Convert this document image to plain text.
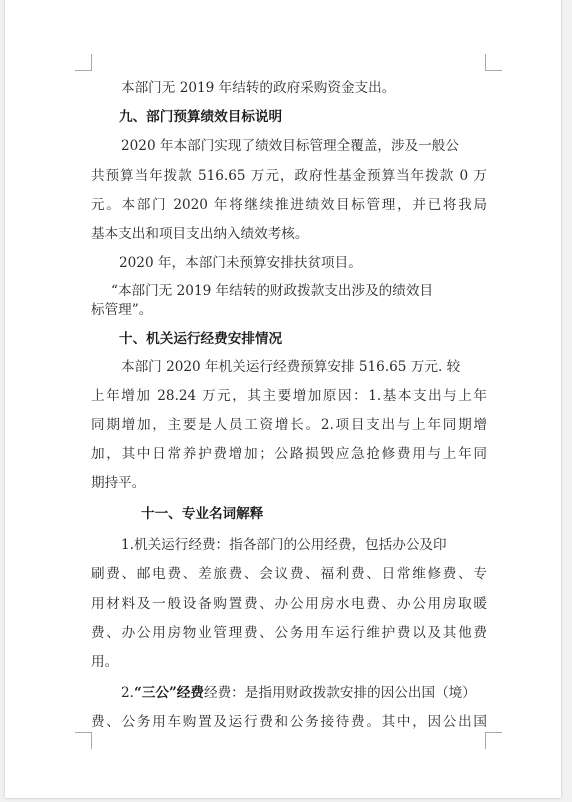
本部门无 2019 年结转的政府采购资金支出。
九、部门预算绩效目标说明
2020 年本部门实现了绩效目标管理全覆盖，涉及一般公
共预算当年拨款 516.65 万元，政府性基金预算当年拨款 0 万
元。本部门 2020 年将继续推进绩效目标管理，并已将我局
基本支出和项目支出纳入绩效考核。
2020 年，本部门未预算安排扶贫项目。
“本部门无 2019 年结转的财政拨款支出涉及的绩效目
标管理”。
十、机关运行经费安排情况
本部门 2020 年机关运行经费预算安排 516.65 万元. 较
上年增加 28.24 万元，其主要增加原因：1.基本支出与上年
同期增加，主要是人员工资增长。2.项目支出与上年同期增
加，其中日常养护费增加；公路损毁应急抢修费用与上年同
期持平。
十一、专业名词解释
1.机关运行经费：指各部门的公用经费，包括办公及印
刷费、邮电费、差旅费、会议费、福利费、日常维修费、专
用材料及一般设备购置费、办公用房水电费、办公用房取暖
费、办公用房物业管理费、公务用车运行维护费以及其他费
用。
2.“三公”经费经费：是指用财政拨款安排的因公出国（境）
费、公务用车购置及运行费和公务接待费。其中，因公出国
